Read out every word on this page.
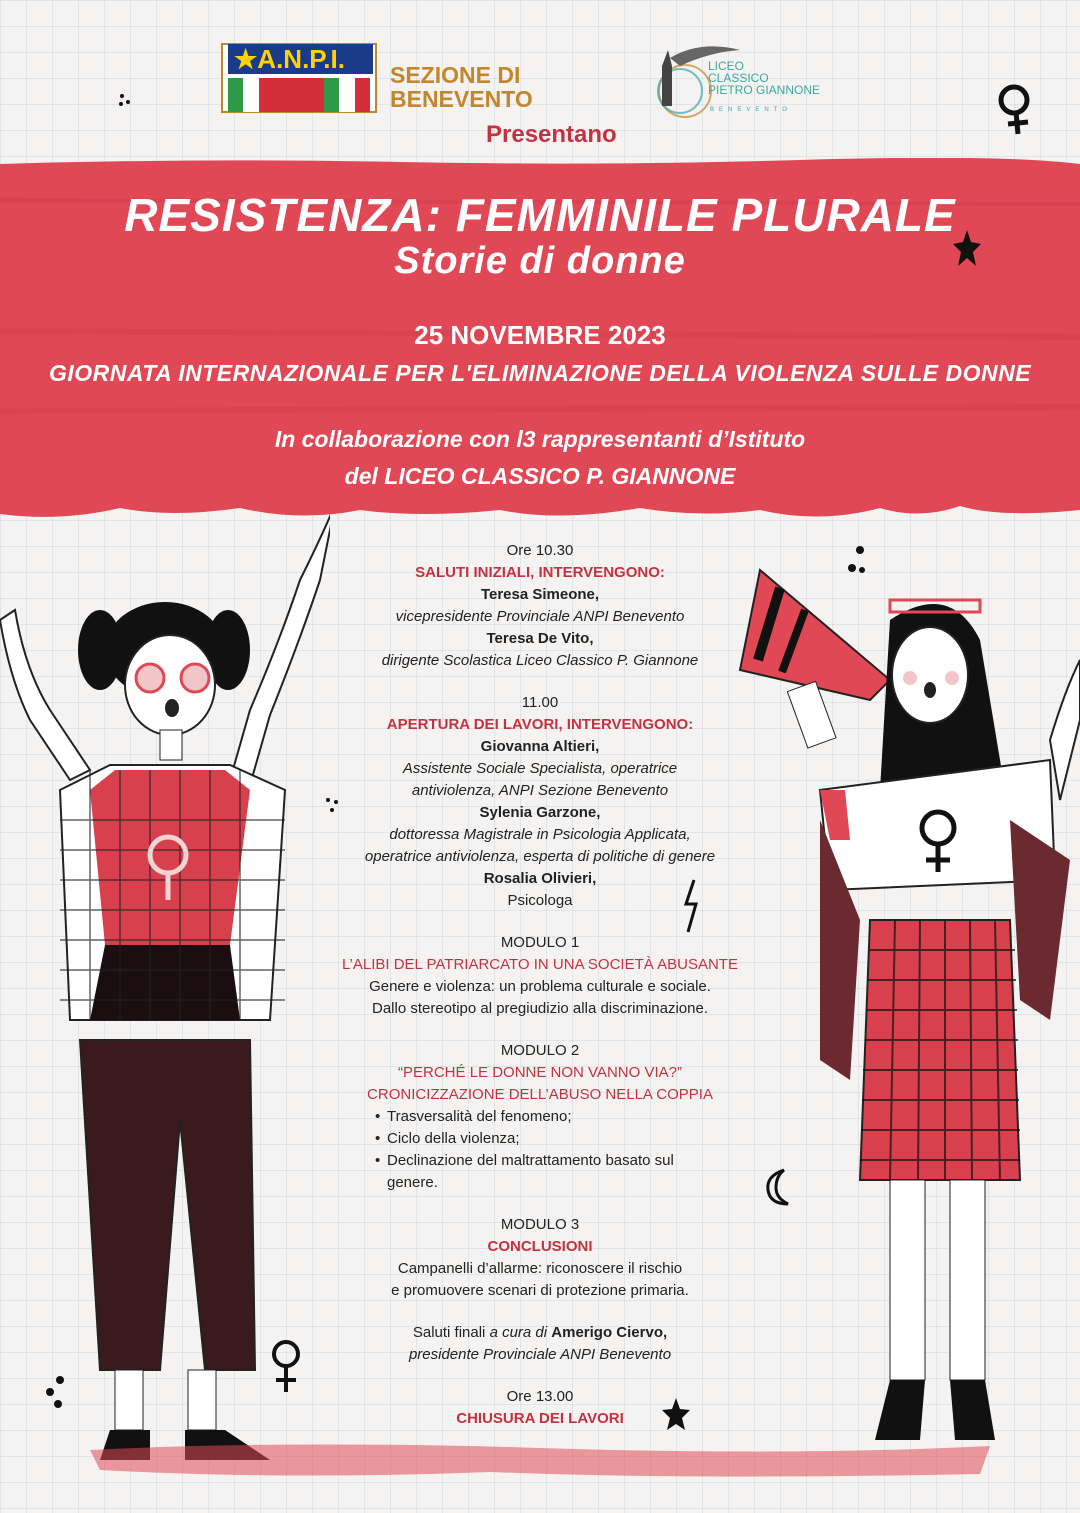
★A.N.P.I.
SEZIONE DI
BENEVENTO
Presentano
LICEO
CLASSICO
PIETRO GIANNONE
BENEVENTO
RESISTENZA: FEMMINILE PLURALE
Storie di donne
25 NOVEMBRE 2023
GIORNATA INTERNAZIONALE PER L'ELIMINAZIONE DELLA VIOLENZA SULLE DONNE
In collaborazione con l3 rappresentanti d’Istituto
del LICEO CLASSICO P. GIANNONE
Ore 10.30
SALUTI INIZIALI, INTERVENGONO:
Teresa Simeone,
vicepresidente Provinciale ANPI Benevento
Teresa De Vito,
dirigente Scolastica Liceo Classico P. Giannone
11.00
APERTURA DEI LAVORI, INTERVENGONO:
Giovanna Altieri,
Assistente Sociale Specialista, operatrice
antiviolenza, ANPI Sezione Benevento
Sylenia Garzone,
dottoressa Magistrale in Psicologia Applicata,
operatrice antiviolenza, esperta di politiche di genere
Rosalia Olivieri,
Psicologa
MODULO 1
L’ALIBI DEL PATRIARCATO IN UNA SOCIETÀ ABUSANTE
Genere e violenza: un problema culturale e sociale.
Dallo stereotipo al pregiudizio alla discriminazione.
MODULO 2
“PERCHÉ LE DONNE NON VANNO VIA?”
CRONICIZZAZIONE DELL’ABUSO NELLA COPPIA
• Trasversalità del fenomeno;
• Ciclo della violenza;
• Declinazione del maltrattamento basato sul genere.
MODULO 3
CONCLUSIONI
Campanelli d’allarme: riconoscere il rischio
e promuovere scenari di protezione primaria.
Saluti finali a cura di Amerigo Ciervo,
presidente Provinciale ANPI Benevento
Ore 13.00
CHIUSURA DEI LAVORI
